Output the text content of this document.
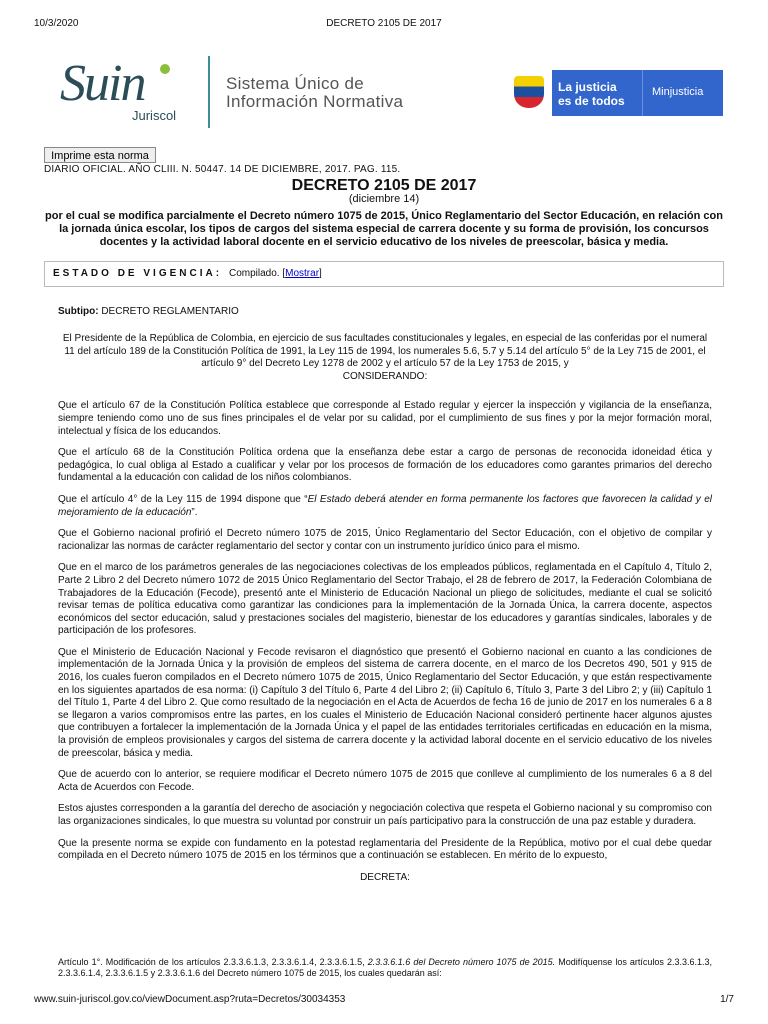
10/3/2020	DECRETO 2105 DE 2017
Suin
Juriscol
Sistema Único de
Información Normativa
La justicia
es de todos
Minjusticia
Imprime esta norma
DIARIO OFICIAL. AÑO CLIII. N. 50447. 14 DE DICIEMBRE, 2017. PAG. 115.
DECRETO 2105 DE 2017
(diciembre 14)
por el cual se modifica parcialmente el Decreto número 1075 de 2015, Único Reglamentario del Sector Educación, en relación con la jornada única escolar, los tipos de cargos del sistema especial de carrera docente y su forma de provisión, los concursos docentes y la actividad laboral docente en el servicio educativo de los niveles de preescolar, básica y media.
ESTADO DE VIGENCIA: Compilado. [Mostrar]
Subtipo: DECRETO REGLAMENTARIO

El Presidente de la República de Colombia, en ejercicio de sus facultades constitucionales y legales, en especial de las conferidas por el numeral 11 del artículo 189 de la Constitución Política de 1991, la Ley 115 de 1994, los numerales 5.6, 5.7 y 5.14 del artículo 5° de la Ley 715 de 2001, el artículo 9° del Decreto Ley 1278 de 2002 y el artículo 57 de la Ley 1753 de 2015, y

CONSIDERANDO:

Que el artículo 67 de la Constitución Política establece que corresponde al Estado regular y ejercer la inspección y vigilancia de la enseñanza, siempre teniendo como uno de sus fines principales el de velar por su calidad, por el cumplimiento de sus fines y por la mejor formación moral, intelectual y física de los educandos.

Que el artículo 68 de la Constitución Política ordena que la enseñanza debe estar a cargo de personas de reconocida idoneidad ética y pedagógica, lo cual obliga al Estado a cualificar y velar por los procesos de formación de los educadores como garantes primarios del derecho fundamental a la educación con calidad de los niños colombianos.

Que el artículo 4° de la Ley 115 de 1994 dispone que “El Estado deberá atender en forma permanente los factores que favorecen la calidad y el mejoramiento de la educación”.

Que el Gobierno nacional profirió el Decreto número 1075 de 2015, Único Reglamentario del Sector Educación, con el objetivo de compilar y racionalizar las normas de carácter reglamentario del sector y contar con un instrumento jurídico único para el mismo.

Que en el marco de los parámetros generales de las negociaciones colectivas de los empleados públicos, reglamentada en el Capítulo 4, Título 2, Parte 2 Libro 2 del Decreto número 1072 de 2015 Único Reglamentario del Sector Trabajo, el 28 de febrero de 2017, la Federación Colombiana de Trabajadores de la Educación (Fecode), presentó ante el Ministerio de Educación Nacional un pliego de solicitudes, mediante el cual se solicitó revisar temas de política educativa como garantizar las condiciones para la implementación de la Jornada Única, la carrera docente, aspectos económicos del sector educación, salud y prestaciones sociales del magisterio, bienestar de los educadores y garantías sindicales, laborales y de participación de los profesores.

Que el Ministerio de Educación Nacional y Fecode revisaron el diagnóstico que presentó el Gobierno nacional en cuanto a las condiciones de implementación de la Jornada Única y la provisión de empleos del sistema de carrera docente, en el marco de los Decretos 490, 501 y 915 de 2016, los cuales fueron compilados en el Decreto número 1075 de 2015, Único Reglamentario del Sector Educación, y que están respectivamente en los siguientes apartados de esa norma: (i) Capítulo 3 del Título 6, Parte 4 del Libro 2; (ii) Capítulo 6, Título 3, Parte 3 del Libro 2; y (iii) Capítulo 1 del Título 1, Parte 4 del Libro 2. Que como resultado de la negociación en el Acta de Acuerdos de fecha 16 de junio de 2017 en los numerales 6 a 8 se llegaron a varios compromisos entre las partes, en los cuales el Ministerio de Educación Nacional consideró pertinente hacer algunos ajustes que contribuyen a fortalecer la implementación de la Jornada Única y el papel de las entidades territoriales certificadas en educación en la misma, la provisión de empleos provisionales y cargos del sistema de carrera docente y la actividad laboral docente en el servicio educativo de los niveles de preescolar, básica y media.

Que de acuerdo con lo anterior, se requiere modificar el Decreto número 1075 de 2015 que conlleve al cumplimiento de los numerales 6 a 8 del Acta de Acuerdos con Fecode.

Estos ajustes corresponden a la garantía del derecho de asociación y negociación colectiva que respeta el Gobierno nacional y su compromiso con las organizaciones sindicales, lo que muestra su voluntad por construir un país participativo para la construcción de una paz estable y duradera.

Que la presente norma se expide con fundamento en la potestad reglamentaria del Presidente de la República, motivo por el cual debe quedar compilada en el Decreto número 1075 de 2015 en los términos que a continuación se establecen. En mérito de lo expuesto,

DECRETA:

Artículo 1°. Modificación de los artículos 2.3.3.6.1.3, 2.3.3.6.1.4, 2.3.3.6.1.5, 2.3.3.6.1.6 del Decreto número 1075 de 2015. Modifíquense los artículos 2.3.3.6.1.3, 2.3.3.6.1.4, 2.3.3.6.1.5 y 2.3.3.6.1.6 del Decreto número 1075 de 2015, los cuales quedarán así:
www.suin-juriscol.gov.co/viewDocument.asp?ruta=Decretos/30034353	1/7
